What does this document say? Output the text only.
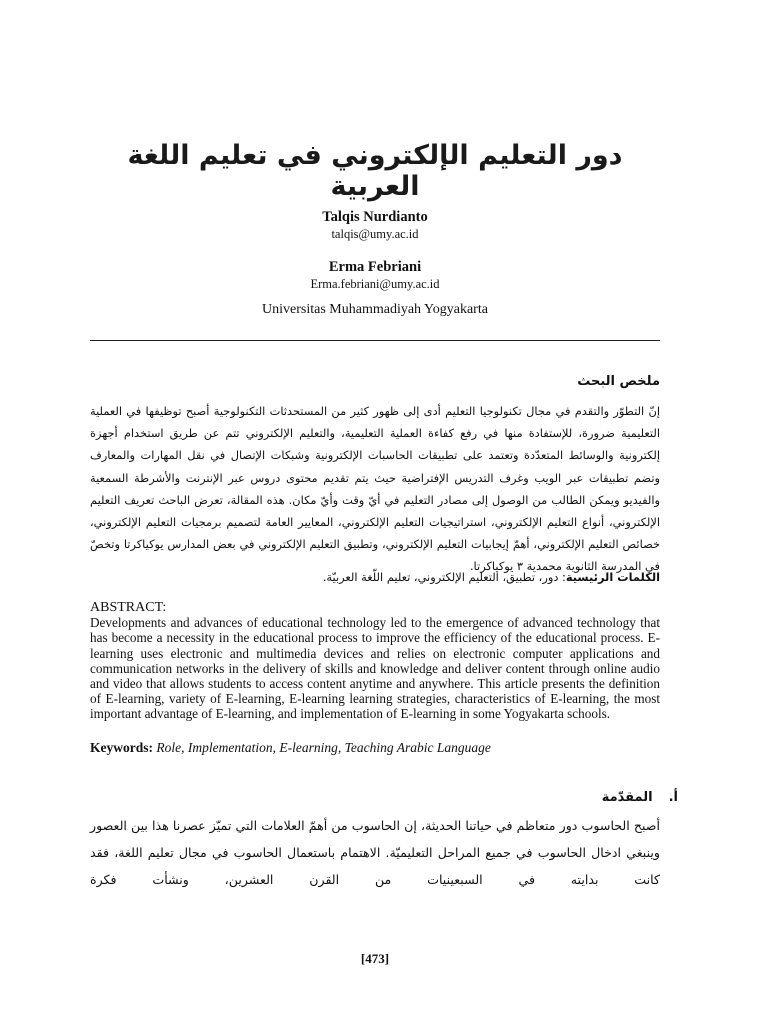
دور التعليم الإلكتروني في تعليم اللغة العربية
Talqis Nurdianto
talqis@umy.ac.id
Erma Febriani
Erma.febriani@umy.ac.id
Universitas Muhammadiyah Yogyakarta
ملخص البحث

إنّ التطوّر والتقدم في مجال تكنولوجيا التعليم أدى إلى ظهور كثير من المستحدثات التكنولوجية أصبح توظيفها في العملية التعليمية ضرورة، للإستفادة منها في رفع كفاءة العملية التعليمية، والتعليم الإلكتروني تتم عن طريق استخدام أجهزة إلكترونية والوسائط المتعدّدة وتعتمد على تطبيقات الحاسبات الإلكترونية وشبكات الإتصال في نقل المهارات والمعارف وتضم تطبيقات عبر الويب وغرف التدريس الإفتراضية حيث يتم تقديم محتوى دروس عبر الإنترنت والأشرطة السمعية والفيديو ويمكن الطالب من الوصول إلى مصادر التعليم في أيّ وقت وأيّ مكان. هذه المقالة، تعرض الباحث تعريف التعليم الإلكتروني، أنواع التعليم الإلكتروني، استراتيجيات التعليم الإلكتروني، المعايير العامة لتصميم برمجيات التعليم الإلكتروني، خصائص التعليم الإلكتروني، أهمّ إيجابيات التعليم الإلكتروني، وتطبيق التعليم الإلكتروني في بعض المدارس يوكياكرتا وتخصّ في المدرسة الثانوية محمدية ٣ يوكياكرتا.

الكلمات الرئيسية: دور، تطبيق، التعليم الإلكتروني، تعليم اللّغة العربيّة.
ABSTRACT:
Developments and advances of educational technology led to the emergence of advanced technology that has become a necessity in the educational process to improve the efficiency of the educational process. E-learning uses electronic and multimedia devices and relies on electronic computer applications and communication networks in the delivery of skills and knowledge and deliver content through online audio and video that allows students to access content anytime and anywhere. This article presents the definition of E-learning, variety of E-learning, E-learning learning strategies, characteristics of E-learning, the most important advantage of E-learning, and implementation of E-learning in some Yogyakarta schools.
Keywords: Role, Implementation, E-learning, Teaching Arabic Language
أ.المقدّمة

أصبح الحاسوب دور متعاظم في حياتنا الحديثة، إن الحاسوب من أهمّ العلامات التي تميّز عصرنا هذا بين العصور وينبغي ادخال الحاسوب في جميع المراحل التعليميّة. الاهتمام باستعمال الحاسوب في مجال تعليم اللغة، فقد كانت بدايته في السبعينيات من القرن العشرين، ونشأت فكرة

[473]
